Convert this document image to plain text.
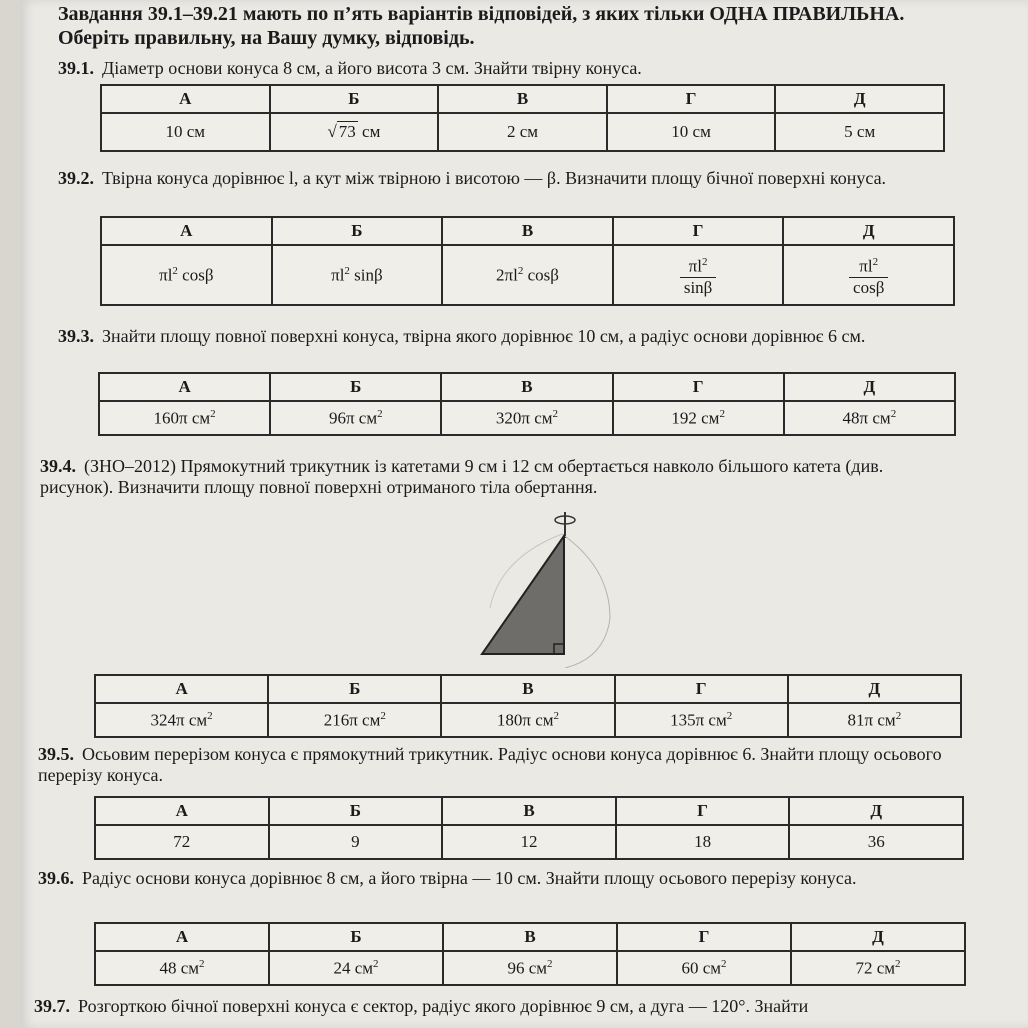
Завдання 39.1–39.21 мають по п’ять варіантів відповідей, з яких тільки ОДНА ПРАВИЛЬНА. Оберіть правильну, на Вашу думку, відповідь.
39.1. Діаметр основи конуса 8 см, а його висота 3 см. Знайти твірну конуса.
А	Б	В	Г	Д
10 см	√ 73 см	2 см	10 см	5 см
39.2. Твірна конуса дорівнює l, а кут між твірною і висотою — β. Визначити площу бічної поверхні конуса.
А	Б	В	Г	Д
$\pi l^2$ cosβ	$\pi l^2$ sinβ	$2\pi l^2$ cosβ	$\frac{\pi l^2}{\sin\beta}$	$\frac{\pi l^2}{\cos\beta}$
39.3. Знайти площу повної поверхні конуса, твірна якого дорівнює 10 см, а радіус основи дорівнює 6 см.
А	Б	В	Г	Д
160π $см^2$	96π $см^2$	320π $см^2$	192 $см^2$	48π $см^2$
39.4. (ЗНО–2012) Прямокутний трикутник із катетами 9 см і 12 см обертається навколо більшого катета (див. рисунок). Визначити площу повної поверхні отриманого тіла обертання.
А	Б	В	Г	Д
324π $см^2$	216π $см^2$	180π $см^2$	135π $см^2$	81π $см^2$
39.5. Осьовим перерізом конуса є прямокутний трикутник. Радіус основи конуса дорівнює 6. Знайти площу осьового перерізу конуса.
А	Б	В	Г	Д
72	9	12	18	36
39.6. Радіус основи конуса дорівнює 8 см, а його твірна — 10 см. Знайти площу осьового перерізу конуса.
А	Б	В	Г	Д
48 $см^2$	24 $см^2$	96 $см^2$	60 $см^2$	72 $см^2$
39.7. Розгорткою бічної поверхні конуса є сектор, радіус якого дорівнює 9 см, а дуга — 120°. Знайти
